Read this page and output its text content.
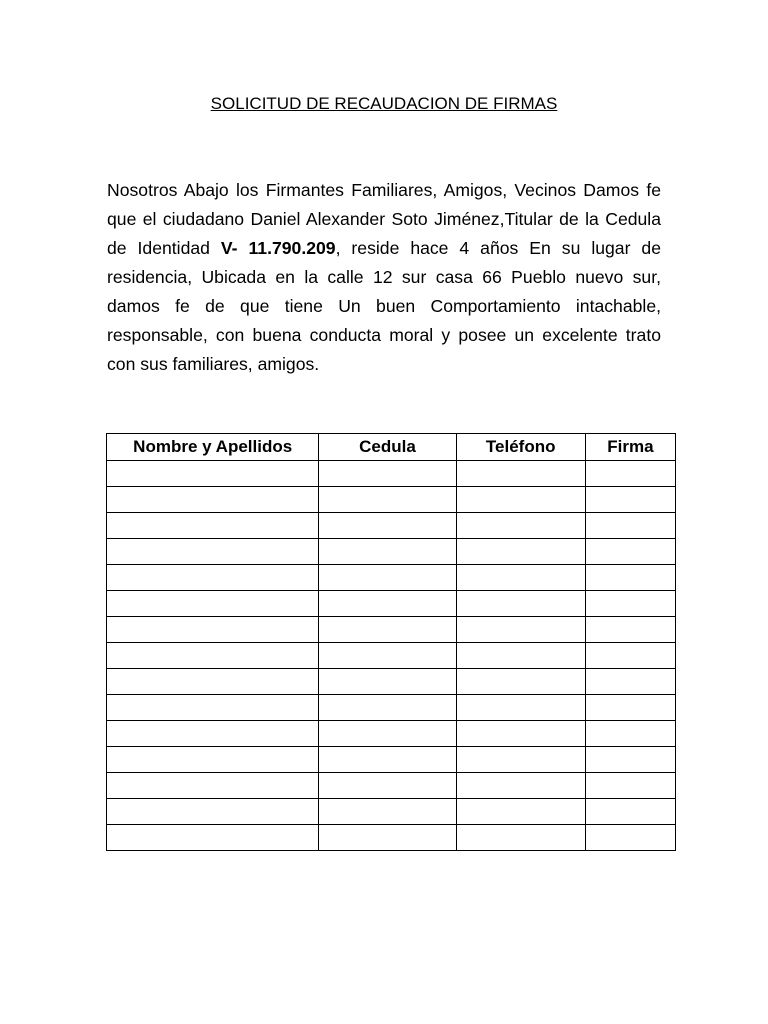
SOLICITUD DE RECAUDACION DE FIRMAS
Nosotros Abajo los Firmantes Familiares, Amigos, Vecinos Damos fe que el ciudadano Daniel Alexander Soto Jiménez,Titular de la Cedula de Identidad V- 11.790.209, reside hace 4 años En su lugar de residencia, Ubicada en la calle 12 sur casa 66 Pueblo nuevo sur, damos fe de que tiene Un buen Comportamiento intachable, responsable, con buena conducta moral y posee un excelente trato con sus familiares, amigos.
Nombre y Apellidos	Cedula	Teléfono	Firma
